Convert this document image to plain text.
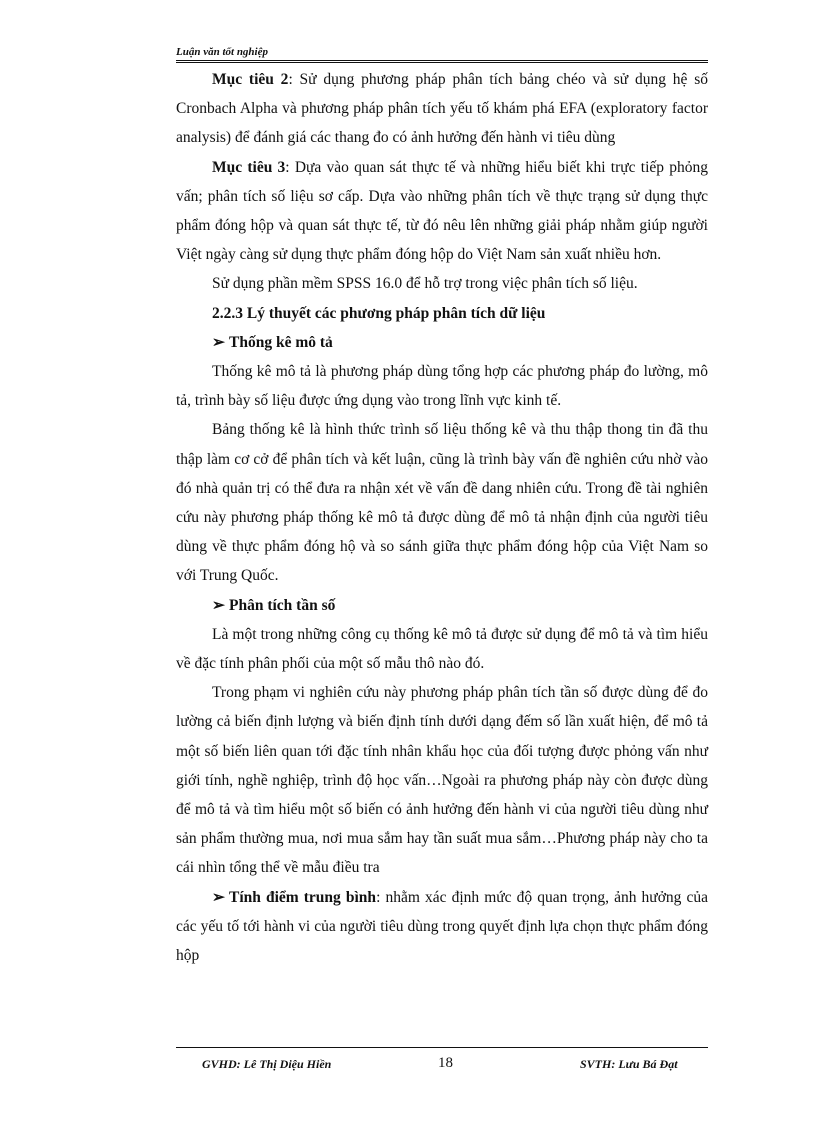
Luận văn tốt nghiệp

Mục tiêu 2: Sử dụng phương pháp phân tích bảng chéo và sử dụng hệ số Cronbach Alpha và phương pháp phân tích yếu tố khám phá EFA (exploratory factor analysis) để đánh giá các thang đo có ảnh hưởng đến hành vi tiêu dùng

Mục tiêu 3: Dựa vào quan sát thực tế và những hiểu biết khi trực tiếp phỏng vấn; phân tích số liệu sơ cấp. Dựa vào những phân tích về thực trạng sử dụng thực phẩm đóng hộp và quan sát thực tế, từ đó nêu lên những giải pháp nhằm giúp người Việt ngày càng sử dụng thực phẩm đóng hộp do Việt Nam sản xuất nhiều hơn.

Sử dụng phần mềm SPSS 16.0 để hỗ trợ trong việc phân tích số liệu.

2.2.3 Lý thuyết các phương pháp phân tích dữ liệu

➢ Thống kê mô tả

Thống kê mô tả là phương pháp dùng tổng hợp các phương pháp đo lường, mô tả, trình bày số liệu được ứng dụng vào trong lĩnh vực kinh tế.

Bảng thống kê là hình thức trình số liệu thống kê và thu thập thong tin đã thu thập làm cơ cở để phân tích và kết luận, cũng là trình bày vấn đề nghiên cứu nhờ vào đó nhà quản trị có thể đưa ra nhận xét về vấn đề dang nhiên cứu. Trong đề tài nghiên cứu này phương pháp thống kê mô tả được dùng để mô tả nhận định của người tiêu dùng về thực phẩm đóng hộ và so sánh giữa thực phẩm đóng hộp của Việt Nam so với Trung Quốc.

➢ Phân tích tần số

Là một trong những công cụ thống kê mô tả được sử dụng để mô tả và tìm hiểu về đặc tính phân phối của một số mẫu thô nào đó.

Trong phạm vi nghiên cứu này phương pháp phân tích tần số được dùng để đo lường cả biến định lượng và biến định tính dưới dạng đếm số lần xuất hiện, để mô tả một số biến liên quan tới đặc tính nhân khẩu học của đối tượng được phỏng vấn như giới tính, nghề nghiệp, trình độ học vấn…Ngoài ra phương pháp này còn được dùng để mô tả và tìm hiểu một số biến có ảnh hưởng đến hành vi của người tiêu dùng như sản phẩm thường mua, nơi mua sắm hay tần suất mua sắm…Phương pháp này cho ta cái nhìn tổng thể về mẫu điều tra

➢ Tính điểm trung bình: nhằm xác định mức độ quan trọng, ảnh hưởng của các yếu tố tới hành vi của người tiêu dùng trong quyết định lựa chọn thực phẩm đóng hộp

GVHD: Lê Thị Diệu Hiền	18	SVTH: Lưu Bá Đạt
